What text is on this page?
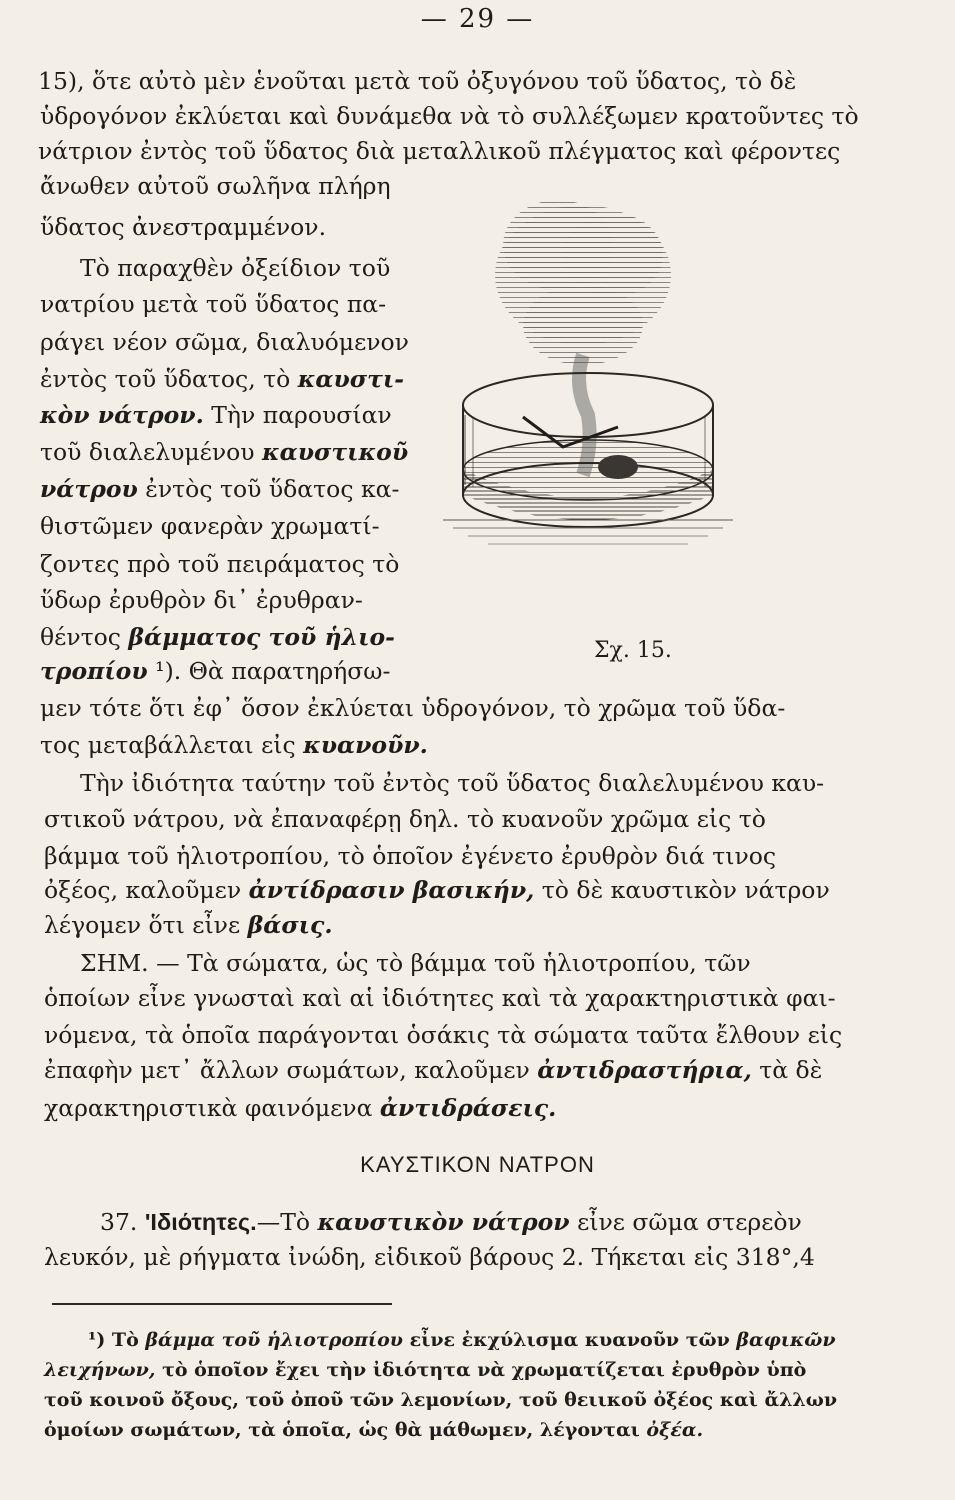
— 29 —
15), ὅτε αὐτὸ μὲν ἑνοῦται μετὰ τοῦ ὀξυγόνου τοῦ ὕδατος, τὸ δὲ
ὑδρογόνον ἐκλύεται καὶ δυνάμεθα νὰ τὸ συλλέξωμεν κρατοῦντες τὸ
νάτριον ἐντὸς τοῦ ὕδατος διὰ μεταλλικοῦ πλέγματος καὶ φέροντες
ἄνωθεν αὐτοῦ σωλῆνα πλήρη
ὕδατος ἀνεστραμμένον.
Τὸ παραχθὲν ὀξείδιον τοῦ
νατρίου μετὰ τοῦ ὕδατος πα-
ράγει νέον σῶμα, διαλυόμενον
ἐντὸς τοῦ ὕδατος, τὸ καυστι-
κὸν νάτρον. Τὴν παρουσίαν
τοῦ διαλελυμένου καυστικοῦ
νάτρου ἐντὸς τοῦ ὕδατος κα-
θιστῶμεν φανερὰν χρωματί-
ζοντες πρὸ τοῦ πειράματος τὸ
ὕδωρ ἐρυθρὸν δι᾿ ἐρυθραν-
θέντος βάμματος τοῦ ἡλιο-
τροπίου ¹). Θὰ παρατηρήσω-
μεν τότε ὅτι ἐφ᾿ ὅσον ἐκλύεται ὑδρογόνον, τὸ χρῶμα τοῦ ὕδα-
τος μεταβάλλεται εἰς κυανοῦν.
Τὴν ἰδιότητα ταύτην τοῦ ἐντὸς τοῦ ὕδατος διαλελυμένου καυ-
στικοῦ νάτρου, νὰ ἐπαναφέρῃ δηλ. τὸ κυανοῦν χρῶμα εἰς τὸ
βάμμα τοῦ ἡλιοτροπίου, τὸ ὁποῖον ἐγένετο ἐρυθρὸν διά τινος
ὀξέος, καλοῦμεν ἀντίδρασιν βασικήν, τὸ δὲ καυστικὸν νάτρον
λέγομεν ὅτι εἶνε βάσις.
ΣΗΜ. — Τὰ σώματα, ὡς τὸ βάμμα τοῦ ἡλιοτροπίου, τῶν
ὁποίων εἶνε γνωσταὶ καὶ αἱ ἰδιότητες καὶ τὰ χαρακτηριστικὰ φαι-
νόμενα, τὰ ὁποῖα παράγονται ὁσάκις τὰ σώματα ταῦτα ἔλθουν εἰς
ἐπαφὴν μετ᾿ ἄλλων σωμάτων, καλοῦμεν ἀντιδραστήρια, τὰ δὲ
χαρακτηριστικὰ φαινόμενα ἀντιδράσεις.
ΚΑΥΣΤΙΚΟΝ ΝΑΤΡΟΝ
37. 'Ιδιότητες.—Τὸ καυστικὸν νάτρον εἶνε σῶμα στερεὸν
λευκόν, μὲ ρήγματα ἰνώδη, εἰδικοῦ βάρους 2. Τήκεται εἰς 318°,4
¹) Τὸ βάμμα τοῦ ἡλιοτροπίου εἶνε ἐκχύλισμα κυανοῦν τῶν βαφικῶν
λειχήνων, τὸ ὁποῖον ἔχει τὴν ἰδιότητα νὰ χρωματίζεται ἐρυθρὸν ὑπὸ
τοῦ κοινοῦ ὄξους, τοῦ ὀποῦ τῶν λεμονίων, τοῦ θειικοῦ ὀξέος καὶ ἄλλων
ὁμοίων σωμάτων, τὰ ὁποῖα, ὡς θὰ μάθωμεν, λέγονται ὀξέα.
Σχ. 15.
